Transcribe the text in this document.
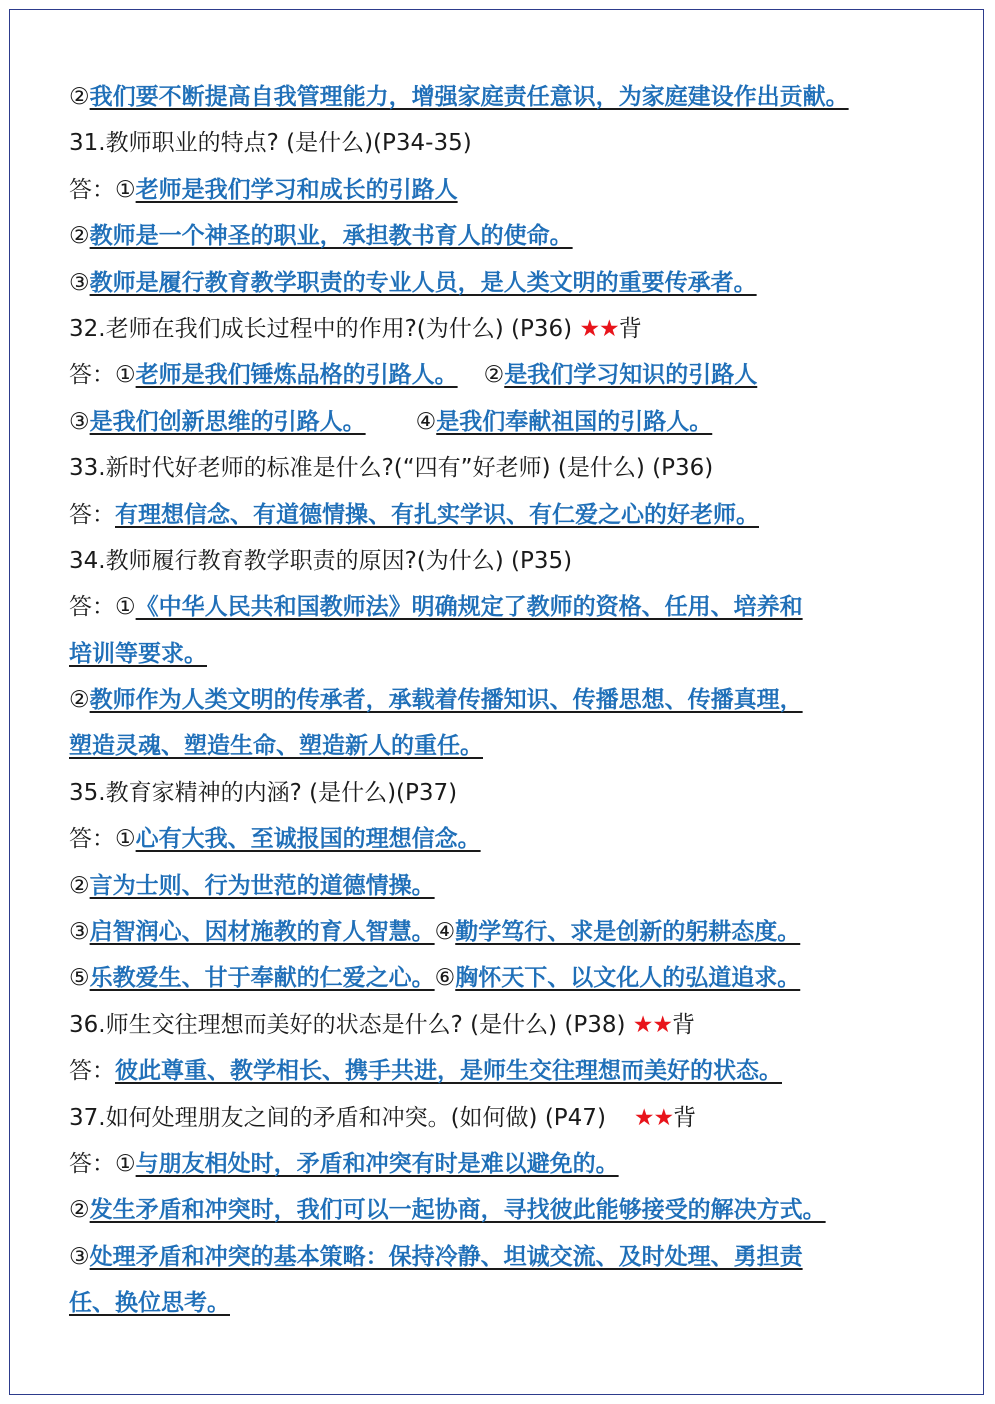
②我们要不断提高自我管理能力，增强家庭责任意识，为家庭建设作出贡献。
31.教师职业的特点? (是什么)(P34-35)
答：①老师是我们学习和成长的引路人
②教师是一个神圣的职业，承担教书育人的使命。
③教师是履行教育教学职责的专业人员，是人类文明的重要传承者。
32.老师在我们成长过程中的作用?(为什么) (P36) ★★背
答：①老师是我们锤炼品格的引路人。 ②是我们学习知识的引路人
③是我们创新思维的引路人。 ④是我们奉献祖国的引路人。
33.新时代好老师的标准是什么?(“四有”好老师) (是什么) (P36)
答：有理想信念、有道德情操、有扎实学识、有仁爱之心的好老师。
34.教师履行教育教学职责的原因?(为什么) (P35)
答：①《中华人民共和国教师法》明确规定了教师的资格、任用、培养和
培训等要求。
②教师作为人类文明的传承者，承载着传播知识、传播思想、传播真理，
塑造灵魂、塑造生命、塑造新人的重任。
35.教育家精神的内涵? (是什么)(P37)
答：①心有大我、至诚报国的理想信念。
②言为士则、行为世范的道德情操。
③启智润心、因材施教的育人智慧。④勤学笃行、求是创新的躬耕态度。
⑤乐教爱生、甘于奉献的仁爱之心。⑥胸怀天下、以文化人的弘道追求。
36.师生交往理想而美好的状态是什么? (是什么) (P38) ★★背
答：彼此尊重、教学相长、携手共进，是师生交往理想而美好的状态。
37.如何处理朋友之间的矛盾和冲突。(如何做) (P47) ★★背
答：①与朋友相处时，矛盾和冲突有时是难以避免的。
②发生矛盾和冲突时，我们可以一起协商，寻找彼此能够接受的解决方式。
③处理矛盾和冲突的基本策略：保持冷静、坦诚交流、及时处理、勇担责
任、换位思考。
